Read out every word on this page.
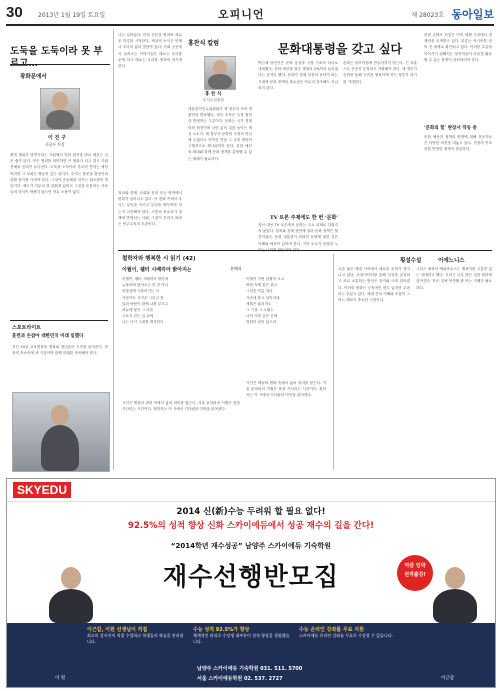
30	2013년 1월 19일 토요일	오피니언	제 28023호 동아일보
도둑을 도둑이라 못 부
광화문에서
이 진 구
사회부 차장
불법 행위가 당연시되는 사회에서 법과 원칙을 바로 세우는 일은 쉽지 않다. 작은 범죄를 외면하면 큰 범죄가 되고 결국 사회 전체의 신뢰가 무너진다. 도둑을 도둑이라 부르지 못하는 세상이라면 그 사회는 병들어 있는 것이다. 우리는 잘못을 잘못이라 말할 용기를 가져야 한다. 그것이 공동체를 지키는 최소한의 책임이다. 제도가 아무리 잘 갖춰져 있어도 그것을 운용하는 사람들의 의식이 바뀌지 않으면 아무 소용이 없다.
스포트라이트
훈련과 손잡아 대한민국 미래 일했다
지난 10년 교육현장의 변화와 청년들의 도전을 돌아본다. 현장의 목소리에 귀 기울이며 함께 미래를 준비해야 한다.
나는 일어났다. 아침 신문을 펼치며 새로운 하루를 시작한다. 세상의 소식은 언제나 우리의 삶과 맞닿아 있다. 사회 곳곳에서 들려오는 이야기들은 때로는 우리를 웃게 하고 때로는 우리를 생각에 잠기게 한다.
정치와 경제, 사회와 문화 모든 영역에서 변화가 일어나고 있다. 이 변화 속에서 우리는 무엇을 지키고 무엇을 바꾸어야 하는지 고민해야 한다. 시민의 목소리가 정책에 반영되는 사회, 그것이 우리가 바라는 민주주의의 모습이다.
홍찬식 칼럼
홍 찬 식
수석논설위원
대통령직인수위원회가 새 정부의 조직 개편안을 발표했다. 정부 조직은 국정 철학을 반영하는 그릇이다. 문화는 국가 경쟁력의 원천이며 국민 삶의 질을 높이는 핵심 요소다. 새 정부가 문화를 국정의 중심에 두겠다고 약속한 만큼 그 실천 방안이 구체적으로 제시되어야 한다. 문화 예산의 확대와 함께 문화 정책을 총괄할 수 있는 체계가 필요하다.
문화대통령을 갖고 싶다
박근혜 당선인은 문화 융성을 국정 기조의 하나로 내세웠다. 문화 예산을 정부 재정의 2%까지 늘리겠다는 공약도 했다. 문화가 경제 성장의 동력이 되는 시대에 문화 정책의 중요성은 아무리 강조해도 지나치지 않다.
TV 토론 주제에도 한 번 ‘문화’
지난 대선 TV 토론에서 문화는 주요 의제로 다뤄지지 않았다. 정치와 경제 현안에 밀려 문화 정책은 뒷전이었다. 문화 대통령이 되려면 문화에 대한 깊은 이해와 애정이 있어야 한다. 국민 모두가 문화를 누
문화는 하루아침에 만들어지지 않는다. 긴 호흡으로 꾸준히 투자하고 지원해야 한다. 새 정부가 문화를 통해 국민을 행복하게 하는 정부가 되기를 기대한다.
문화 콘텐츠 산업은 이미 세계 시장에서 경쟁력을 인정받고 있다. 한류는 아시아를 넘어 전 세계로 확산되고 있다. 이러한 흐름을 이어가기 위해서는 창작자들이 마음껏 활동할 수 있는 환경이 마련되어야 한다.
‘문화의 힘’ 현장서 작동 중
문화 예산과 정책의 방향에 대해 전문가들은 다양한 의견을 내놓고 있다. 현장의 목소리를 반영한 정책이 절실하다.
철학자와 행복한 시 읽기 (42)
이월이, 웰터 시베리아 밝아지는	홍해리
이월이, 웰터 시베리아 밝아져
뉴몰라에 덮어오는 한 잔 아니
마을앞에 시볼어가는 사
사랑가득 시가운 그리고 봄
달과 바람이 함께 나를 부르고
하늘에 닿은 그 마음
고요히 걷는 길 위에
나는 다시 그대를 생각한다
이월이 가면 삼월이 오고
바람 속에 꽃은 피고
그리운 이름 하나
가슴에 묻고 살아가네
세월은 흘러가도
그 시절 그 노래는
나의 가장 깊은 곳에
영원히 남아 있으리
시인은 계절의 변화 속에서 삶의 의미를 찾는다. 겨울 끝자락의 이월은 봄을 기다리는 시간이다. 철학자는 이 시에서 기다림의 미학을 읽어낸다.
시인은 계절의 변화 속에서 삶의 의미를 찾는다. 겨울 끝자락의 이월은 봄을 기다리는 시간이다. 철학자는 이 시에서 기다림의 미학을 읽어낸다.
횡설수설
요즘 젊은 세대 사이에서 새로운 문화가 생겨나고 있다. 소셜미디어를 통해 일상을 공유하고 서로 소통하는 방식은 과거와 크게 달라졌다. 이러한 변화는 긍정적인 면도 있지만 우려되는 부분도 있다. 세대 간의 이해와 소통이 그 어느 때보다 중요한 시점이다.
이에느니스
그리스 철학자 에피쿠로스는 행복이란 고통이 없는 상태라고 했다. 우리는 너무 많은 것을 원하며 살아간다. 작은 것에 만족할 줄 아는 지혜가 필요하다.
SKYEDU
2014 신(新)수능 두려워 할 필요 없다!
92.5%의 성적 향상 신화 스카이에듀에서 성공 재수의 길을 간다!
“2014학년 재수성공” 남양주 스카이에듀 기숙학원
재수선행반모집	마감 임박
전격출강!
이 원	이근갑
이근갑, 이원 선생님이 직접
최고의 강사진이 직접 수업하고 학생들의 학습을 관리합니다.
수능 성적 92.5%가 향상
체계적인 관리로 수강생 대부분이 성적 향상을 경험했습니다.
수능 온라인 강좌를 무료 지원
스카이에듀 온라인 강좌를 무료로 수강할 수 있습니다.
남양주 스카이에듀 기숙학원 031. 511. 5700
서울 스카이에듀학원 02. 537. 2727
